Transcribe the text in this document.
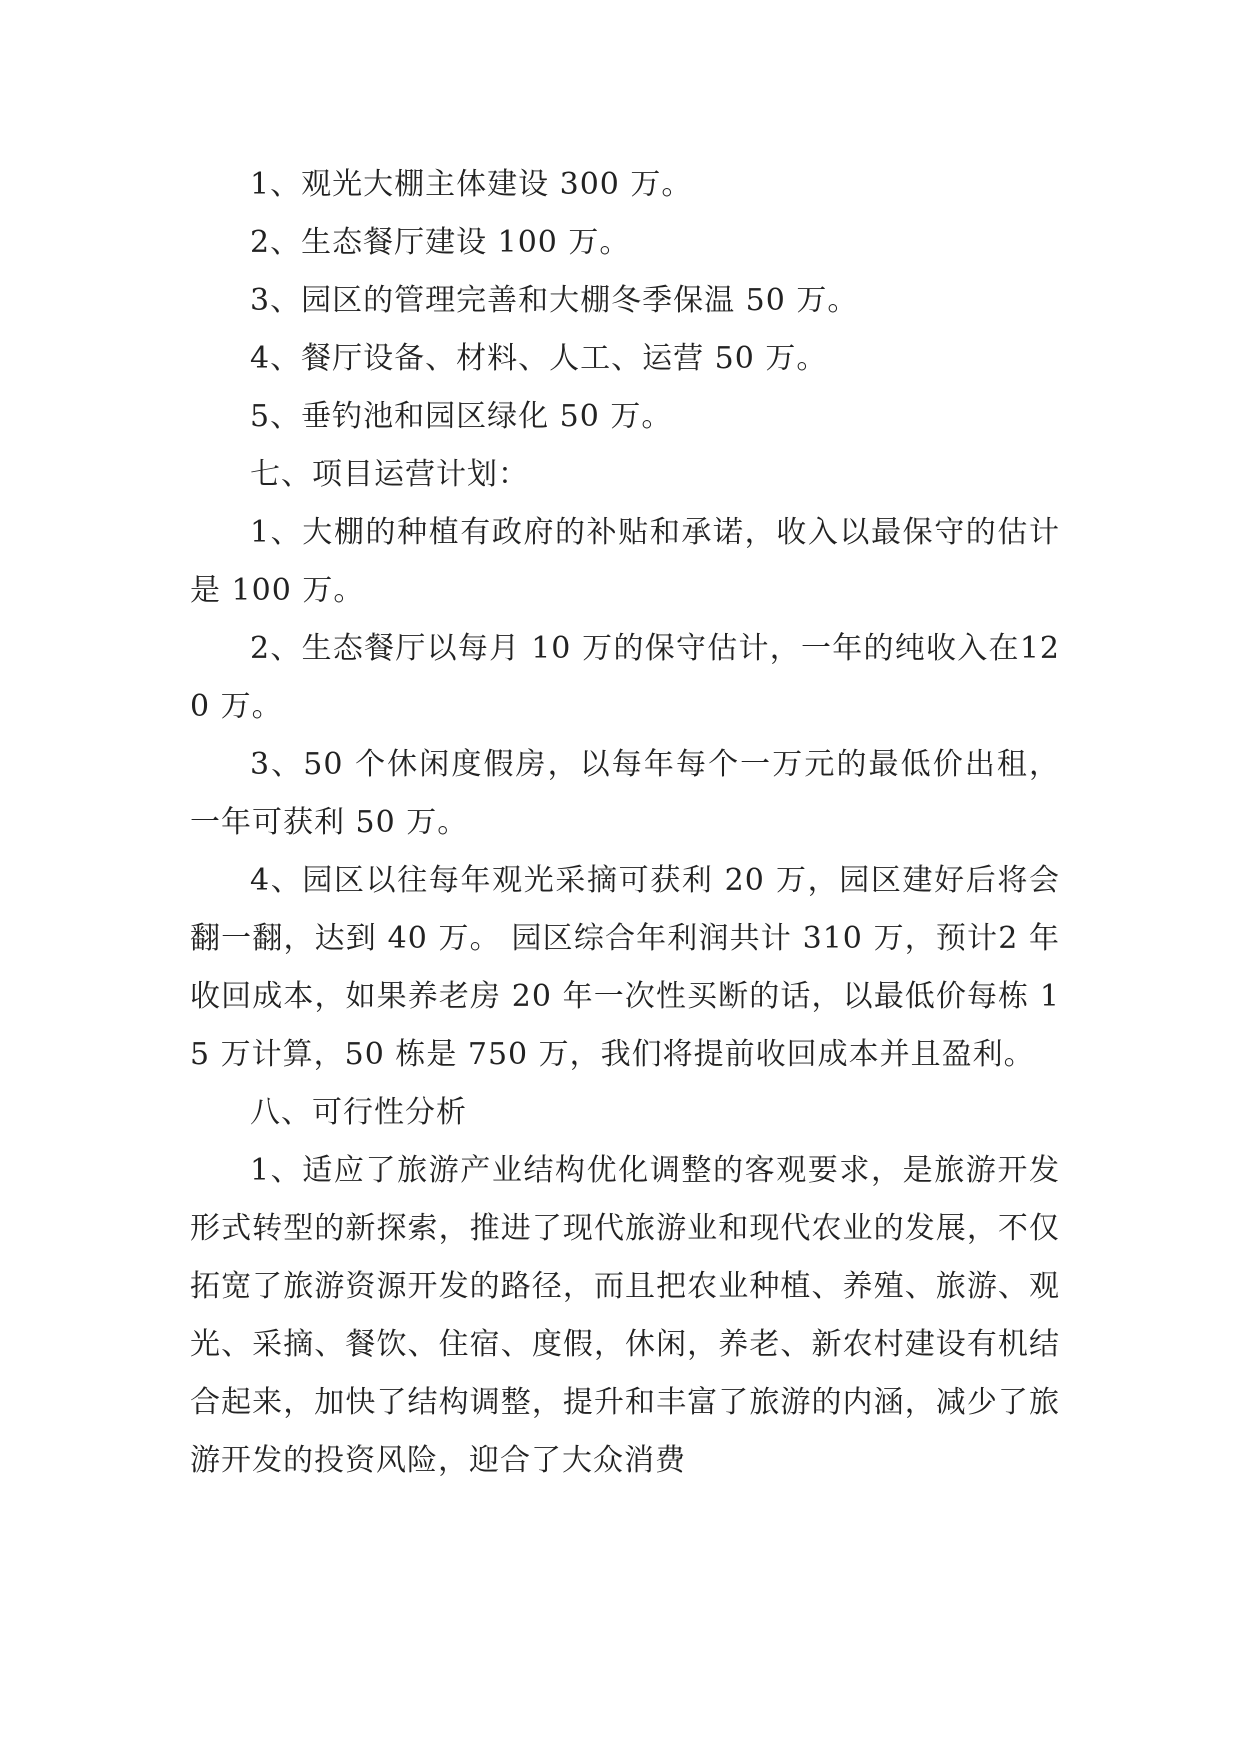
1、观光大棚主体建设 300 万。

2、生态餐厅建设 100 万。

3、园区的管理完善和大棚冬季保温 50 万。

4、餐厅设备、材料、人工、运营 50 万。

5、垂钓池和园区绿化 50 万。

七、项目运营计划：

1、大棚的种植有政府的补贴和承诺，收入以最保守的估计是 100 万。

2、生态餐厅以每月 10 万的保守估计，一年的纯收入在120 万。

3、50 个休闲度假房，以每年每个一万元的最低价出租，一年可获利 50 万。

4、园区以往每年观光采摘可获利 20 万，园区建好后将会翻一翻，达到 40 万。 园区综合年利润共计 310 万，预计2 年收回成本，如果养老房 20 年一次性买断的话，以最低价每栋 15 万计算，50 栋是 750 万，我们将提前收回成本并且盈利。

八、可行性分析

1、适应了旅游产业结构优化调整的客观要求，是旅游开发形式转型的新探索，推进了现代旅游业和现代农业的发展，不仅拓宽了旅游资源开发的路径，而且把农业种植、养殖、旅游、观光、采摘、餐饮、住宿、度假，休闲，养老、新农村建设有机结合起来，加快了结构调整，提升和丰富了旅游的内涵，减少了旅游开发的投资风险，迎合了大众消费
